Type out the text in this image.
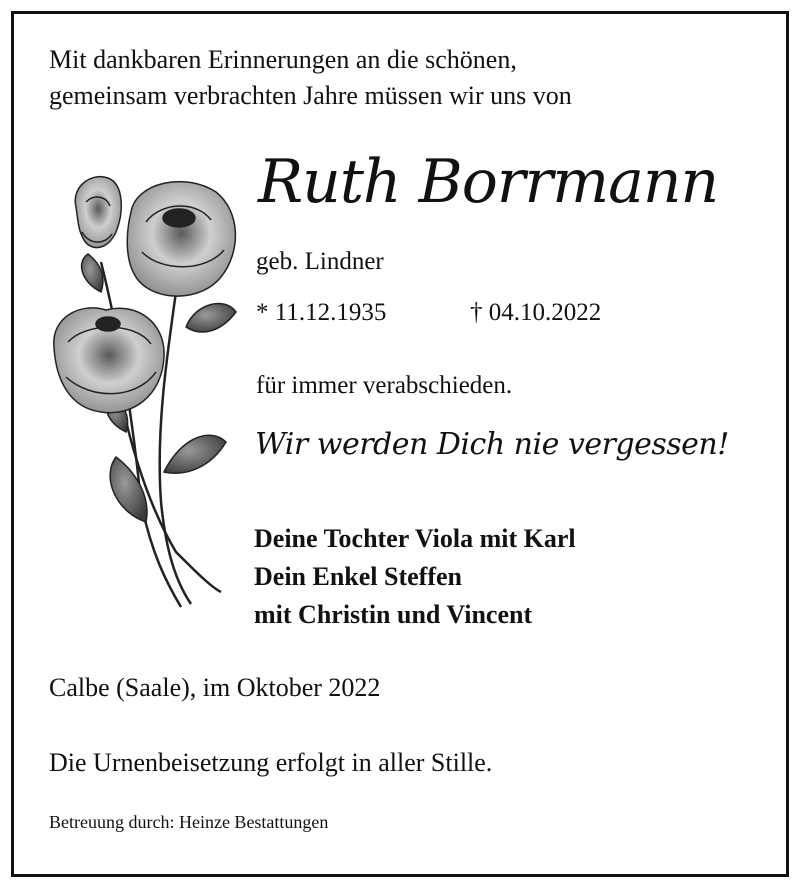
Mit dankbaren Erinnerungen an die schönen,
gemeinsam verbrachten Jahre müssen wir uns von
Ruth Borrmann
geb. Lindner
* 11.12.1935	† 04.10.2022
für immer verabschieden.
Wir werden Dich nie vergessen!
Deine Tochter Viola mit Karl
Dein Enkel Steffen
mit Christin und Vincent
Calbe (Saale), im Oktober 2022
Die Urnenbeisetzung erfolgt in aller Stille.
Betreuung durch: Heinze Bestattungen
